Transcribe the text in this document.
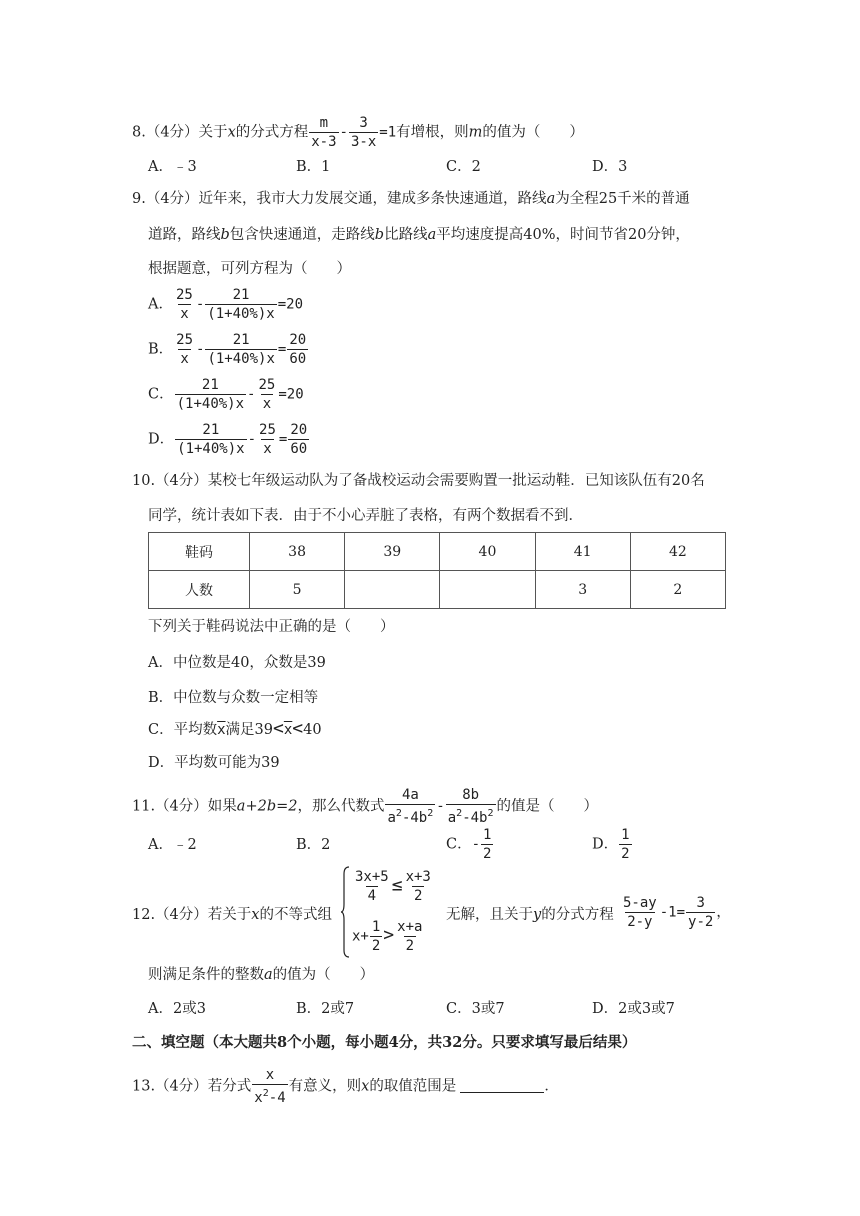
8.（4分）关于x的分式方程 $\frac{m}{x-3} - \frac{3}{3-x} =1$有增根，则m的值为（　　）
A．﹣3	B．1	C．2	D．3
9.（4分）近年来，我市大力发展交通，建成多条快速通道，路线a为全程25千米的普通
道路，路线b包含快速通道，走路线b比路线a平均速度提高40%，时间节省20分钟，
根据题意，可列方程为（　　）
A． $\frac{25}{x} - \frac{21}{(1+40\%)x} =20$
B． $\frac{25}{x} - \frac{21}{(1+40\%)x} = \frac{20}{60}$
C． $\frac{21}{(1+40\%)x} - \frac{25}{x} =20$
D． $\frac{21}{(1+40\%)x} - \frac{25}{x} = \frac{20}{60}$
10.（4分）某校七年级运动队为了备战校运动会需要购置一批运动鞋．已知该队伍有20名
同学，统计表如下表．由于不小心弄脏了表格，有两个数据看不到．
鞋码	38	39	40	41	42
人数	5			3	2
下列关于鞋码说法中正确的是（　　）
A．中位数是40，众数是39
B．中位数与众数一定相等
C．平均数$\overline{x}$满足$39<\overline{x}<40$
D．平均数可能为39
11.（4分）如果a+2b=2，那么代数式 $\frac{4a}{a^2-4b^2} - \frac{8b}{a^2-4b^2}$ 的值是（　　）
A．﹣2	B．2	C．- $\frac{1}{2}$	D． $\frac{1}{2}$
12.（4分）若关于x的不等式组
$\frac{3x+5}{4} \le \frac{x+3}{2}$
$x+ \frac{1}{2} > \frac{x+a}{2}$
无解，且关于y的分式方程 $\frac{5-ay}{2-y} -1= \frac{3}{y-2}$ ，
则满足条件的整数a的值为（　　）
A．2或3	B．2或7	C．3或7	D．2或3或7
二、填空题（本大题共8个小题，每小题4分，共32分。只要求填写最后结果）
13.（4分）若分式 $\frac{x}{x^2-4}$ 有意义，则x的取值范围是	．
